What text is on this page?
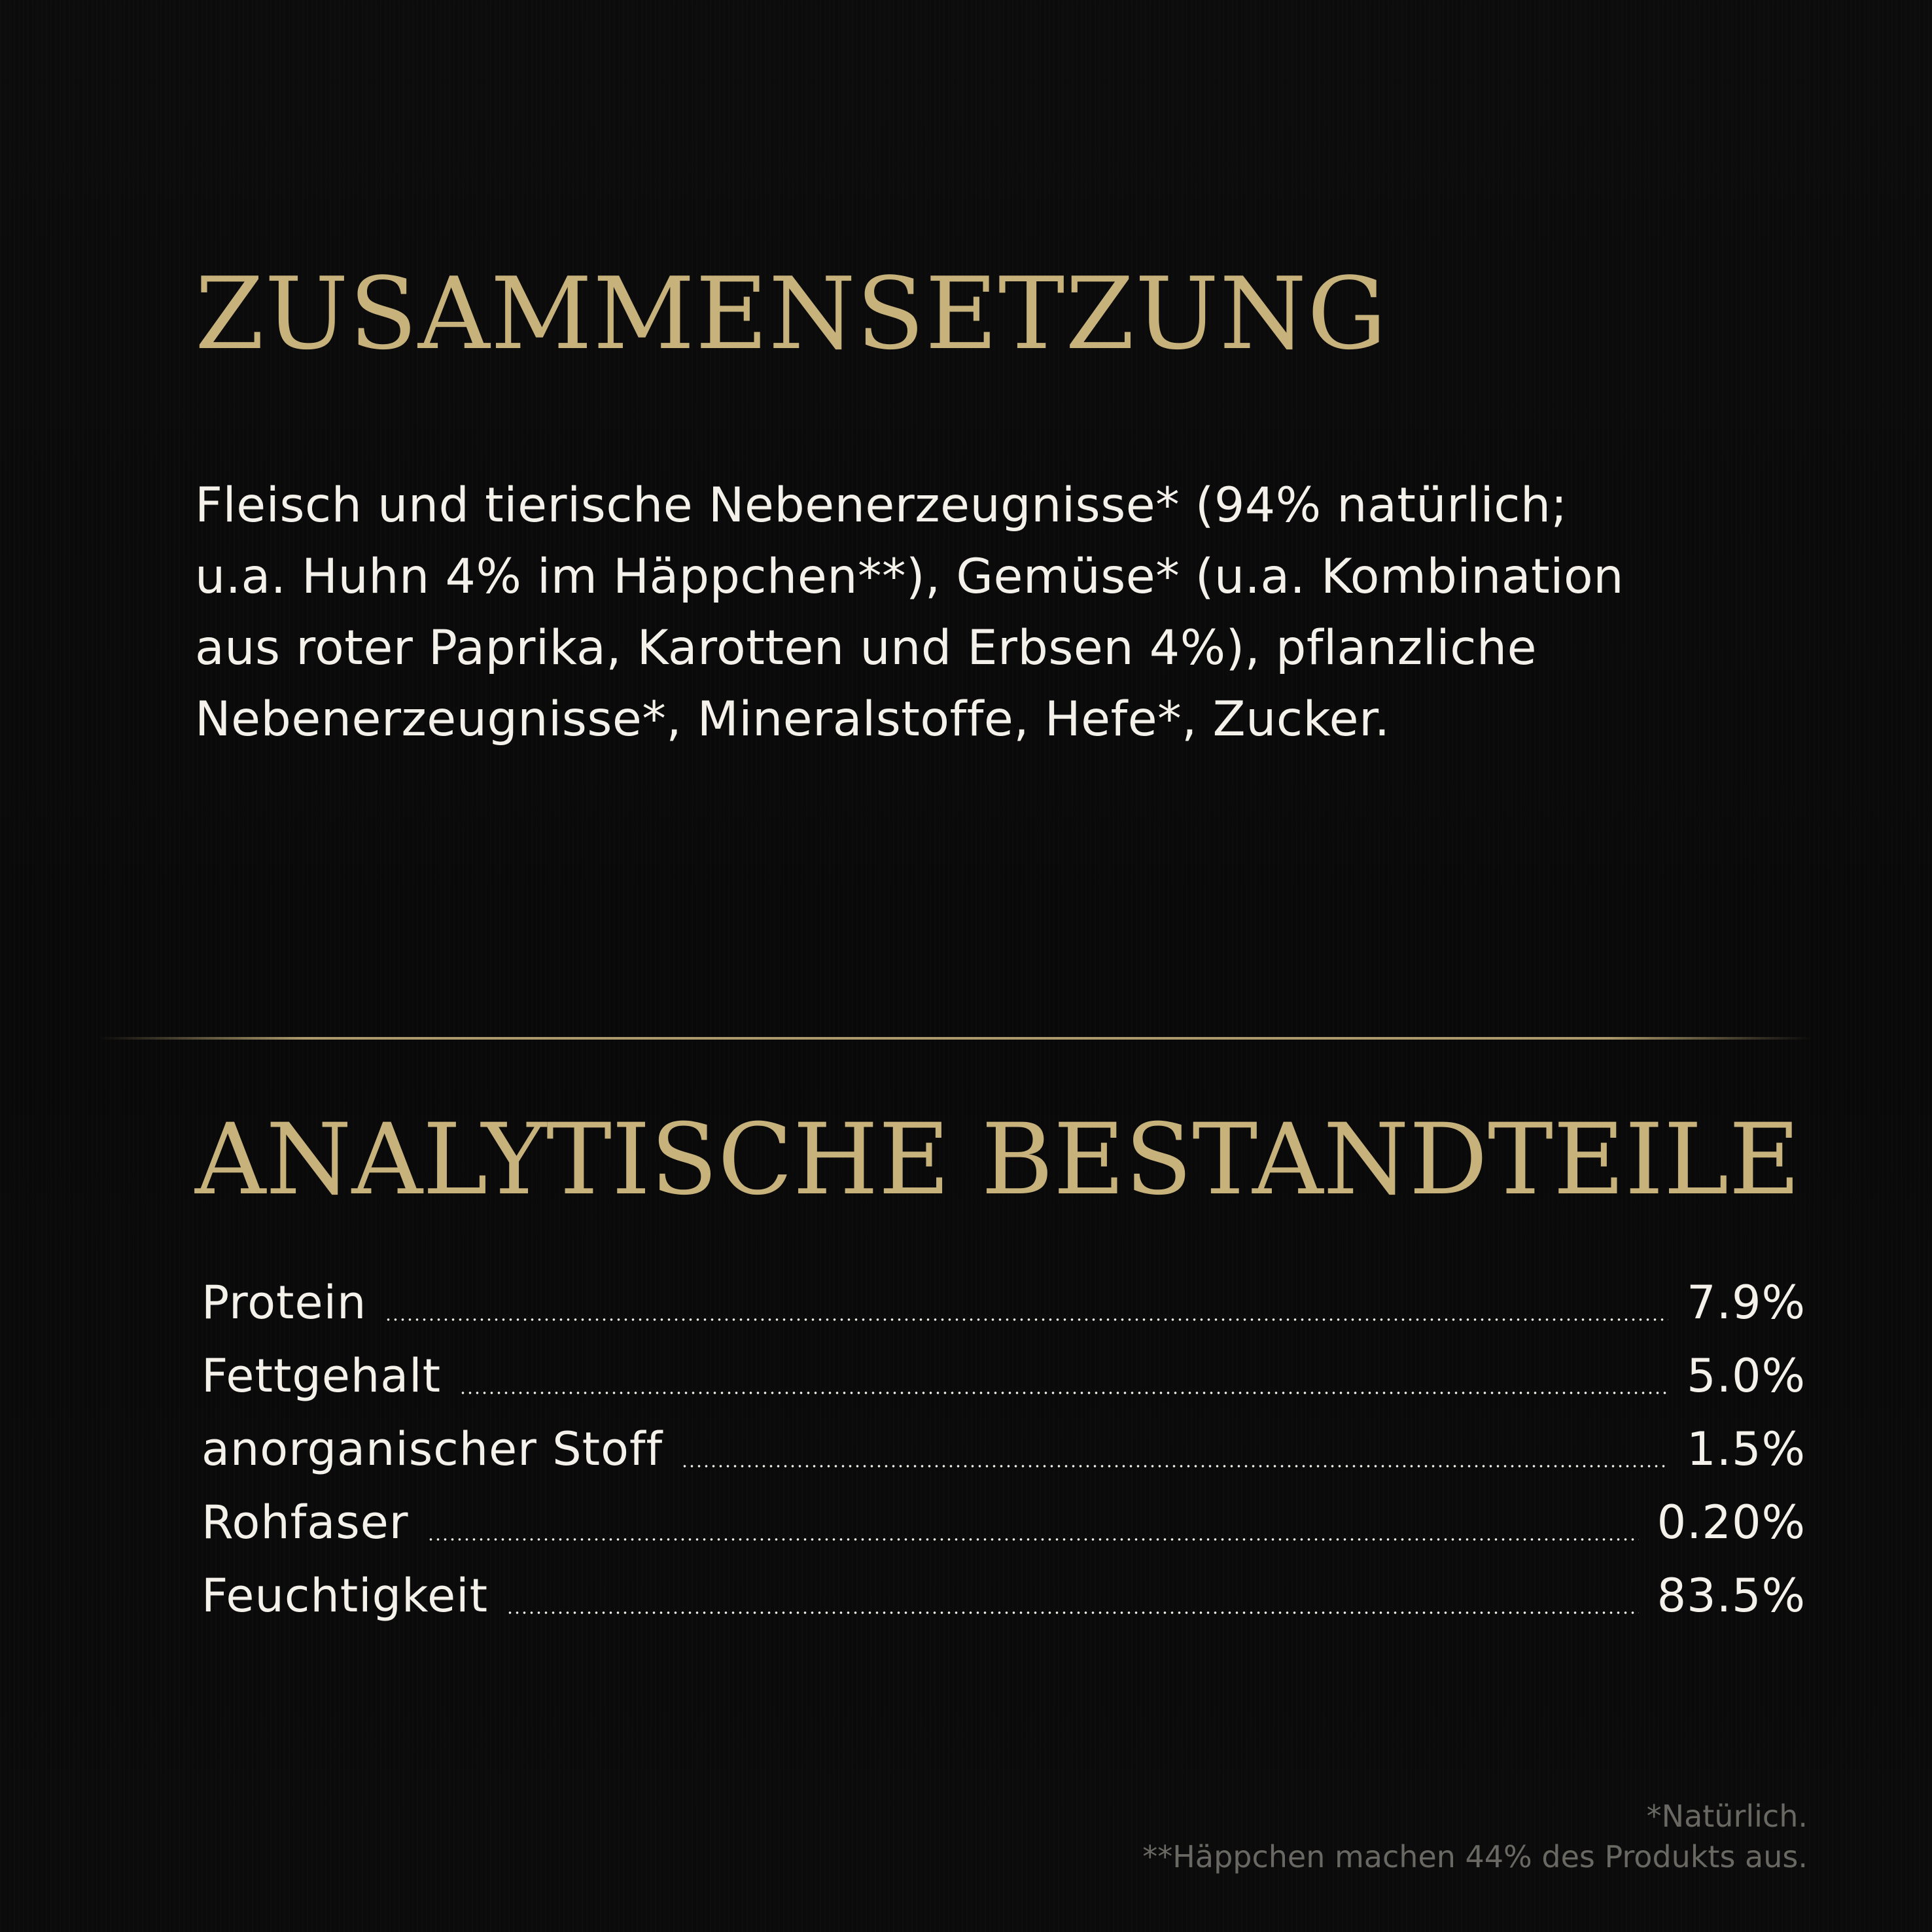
ZUSAMMENSETZUNG

Fleisch und tierische Nebenerzeugnisse* (94% natürlich;
u.a. Huhn 4% im Häppchen**), Gemüse* (u.a. Kombination
aus roter Paprika, Karotten und Erbsen 4%), pflanzliche
Nebenerzeugnisse*, Mineralstoffe, Hefe*, Zucker.

ANALYTISCHE BESTANDTEILE
Protein	7.9%
Fettgehalt	5.0%
anorganischer Stoff	1.5%
Rohfaser	0.20%
Feuchtigkeit	83.5%

*Natürlich.
**Häppchen machen 44% des Produkts aus.
